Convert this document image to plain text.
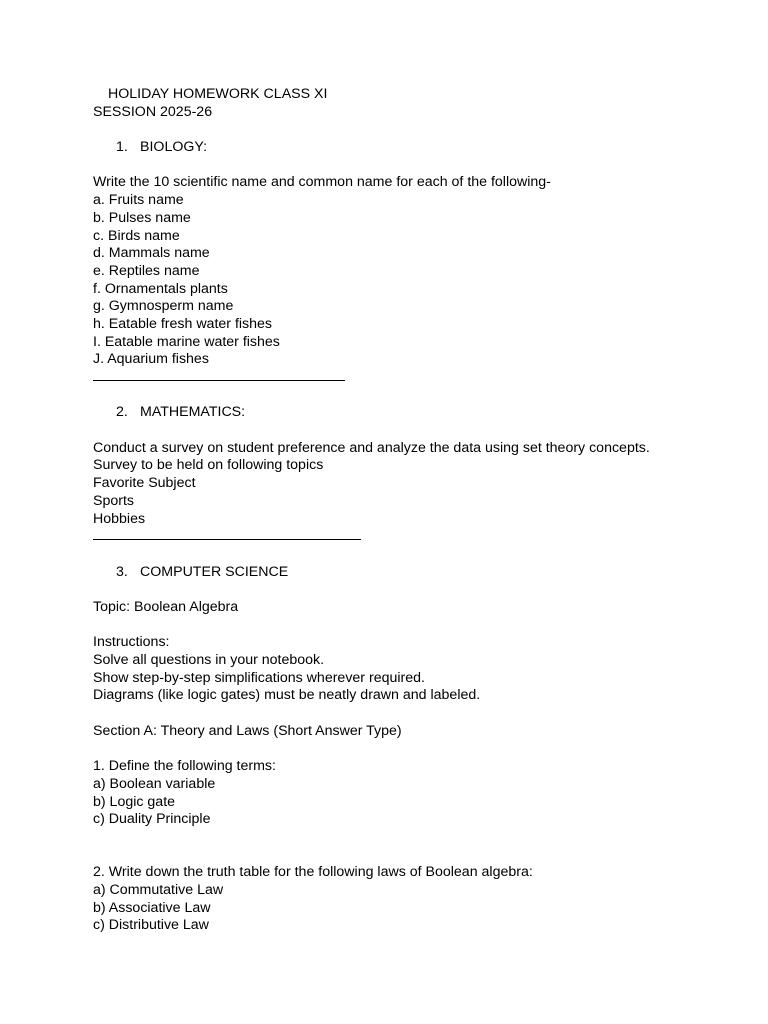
HOLIDAY HOMEWORK CLASS XI
SESSION 2025-26
1. BIOLOGY:
Write the 10 scientific name and common name for each of the following-
a. Fruits name
b. Pulses name
c. Birds name
d. Mammals name
e. Reptiles name
f. Ornamentals plants
g. Gymnosperm name
h. Eatable fresh water fishes
I. Eatable marine water fishes
J. Aquarium fishes
2. MATHEMATICS:
Conduct a survey on student preference and analyze the data using set theory concepts.
Survey to be held on following topics
Favorite Subject
Sports
Hobbies
3. COMPUTER SCIENCE
Topic: Boolean Algebra
Instructions:
Solve all questions in your notebook.
Show step-by-step simplifications wherever required.
Diagrams (like logic gates) must be neatly drawn and labeled.
Section A: Theory and Laws (Short Answer Type)
1. Define the following terms:
a) Boolean variable
b) Logic gate
c) Duality Principle
2. Write down the truth table for the following laws of Boolean algebra:
a) Commutative Law
b) Associative Law
c) Distributive Law
